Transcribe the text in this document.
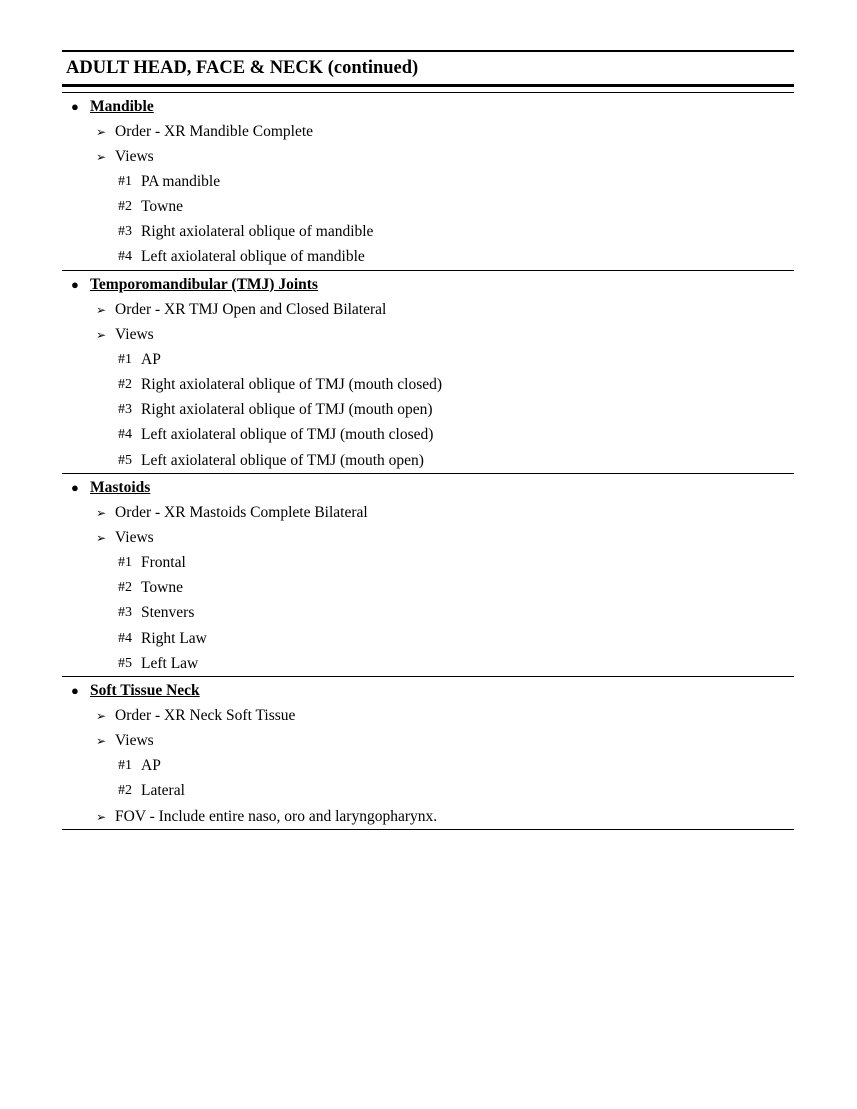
ADULT HEAD, FACE & NECK (continued)
● Mandible
➢ Order - XR Mandible Complete
➢ Views
#1 PA mandible
#2 Towne
#3 Right axiolateral oblique of mandible
#4 Left axiolateral oblique of mandible
● Temporomandibular (TMJ) Joints
➢ Order - XR TMJ Open and Closed Bilateral
➢ Views
#1 AP
#2 Right axiolateral oblique of TMJ (mouth closed)
#3 Right axiolateral oblique of TMJ (mouth open)
#4 Left axiolateral oblique of TMJ (mouth closed)
#5 Left axiolateral oblique of TMJ (mouth open)
● Mastoids
➢ Order - XR Mastoids Complete Bilateral
➢ Views
#1 Frontal
#2 Towne
#3 Stenvers
#4 Right Law
#5 Left Law
● Soft Tissue Neck
➢ Order - XR Neck Soft Tissue
➢ Views
#1 AP
#2 Lateral
➢ FOV - Include entire naso, oro and laryngopharynx.
